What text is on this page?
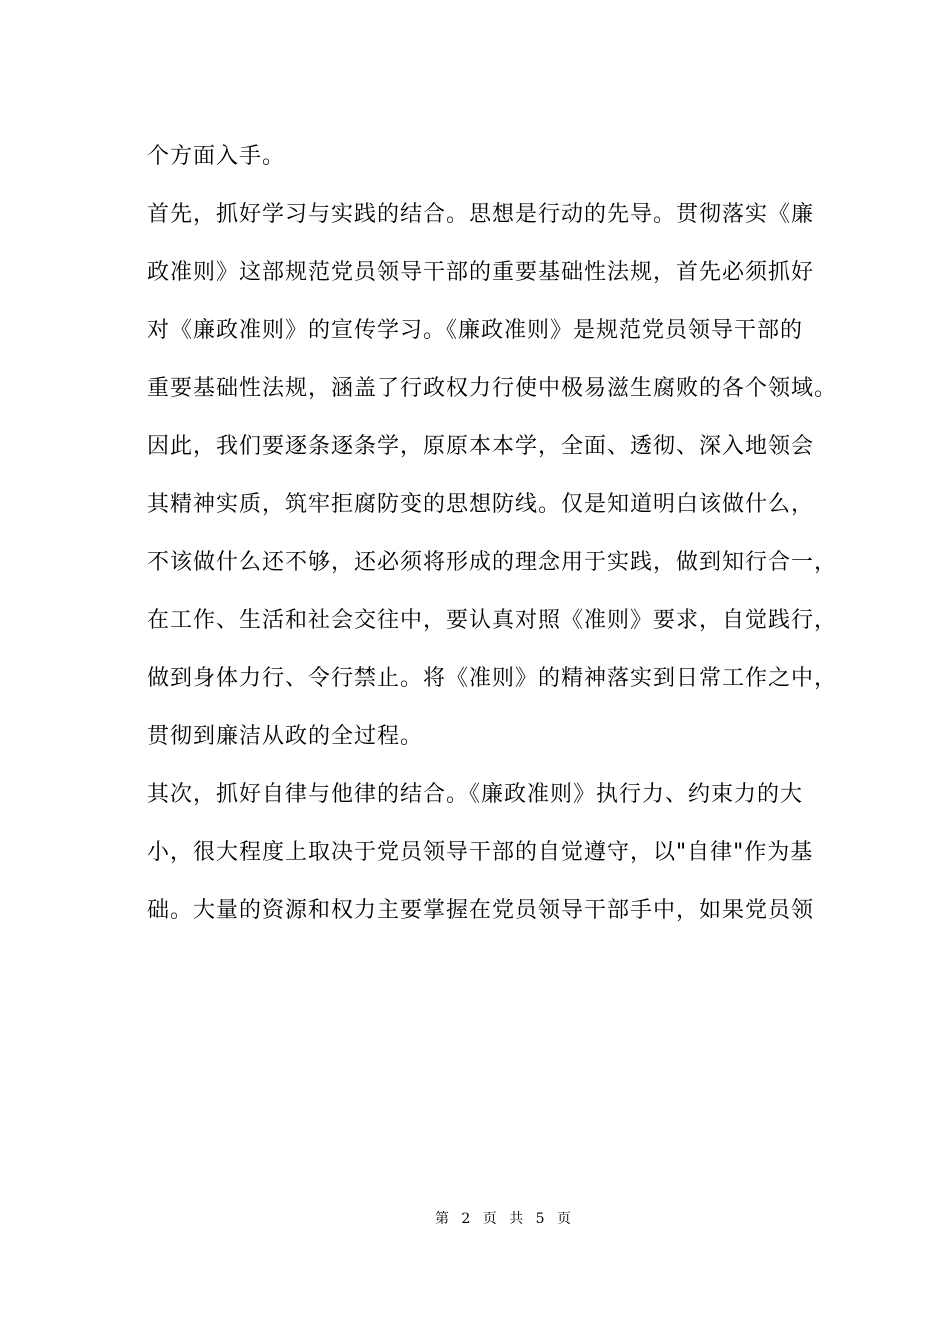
个方面入手。

首先，抓好学习与实践的结合。思想是行动的先导。贯彻落实《廉

政准则》这部规范党员领导干部的重要基础性法规，首先必须抓好

对《廉政准则》的宣传学习。《廉政准则》是规范党员领导干部的

重要基础性法规，涵盖了行政权力行使中极易滋生腐败的各个领域。

因此，我们要逐条逐条学，原原本本学，全面、透彻、深入地领会

其精神实质，筑牢拒腐防变的思想防线。仅是知道明白该做什么，

不该做什么还不够，还必须将形成的理念用于实践，做到知行合一，

在工作、生活和社会交往中，要认真对照《准则》要求，自觉践行，

做到身体力行、令行禁止。将《准则》的精神落实到日常工作之中，

贯彻到廉洁从政的全过程。

其次，抓好自律与他律的结合。《廉政准则》执行力、约束力的大

小，很大程度上取决于党员领导干部的自觉遵守，以"自律"作为基

础。大量的资源和权力主要掌握在党员领导干部手中，如果党员领

第 2 页 共 5 页
